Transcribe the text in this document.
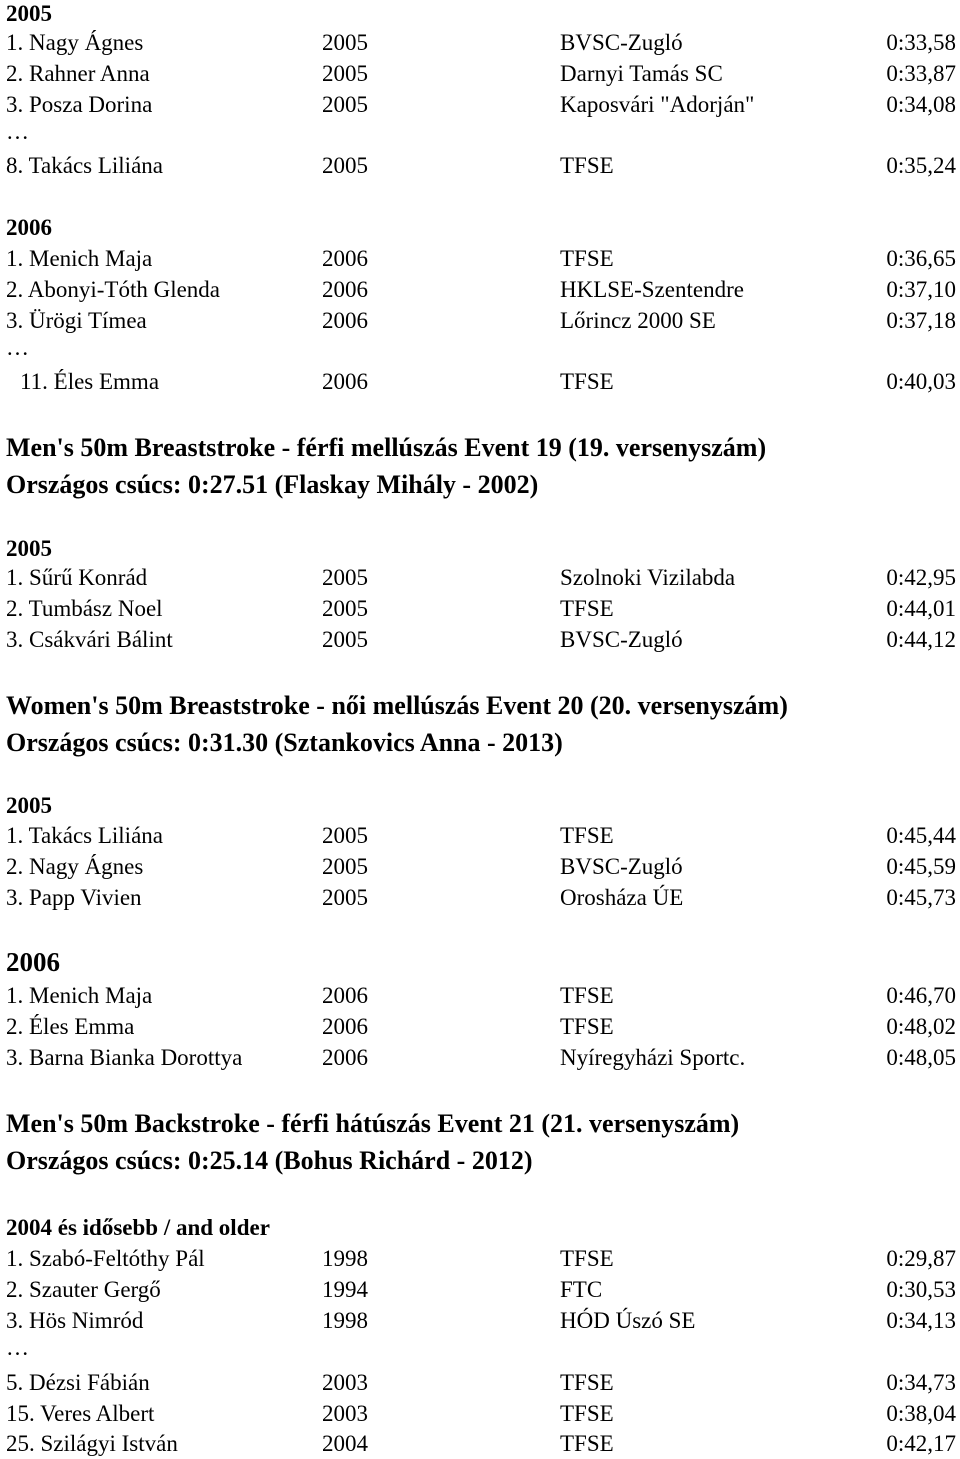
2005
1. Nagy Ágnes	2005	BVSC-Zugló	0:33,58
2. Rahner Anna	2005	Darnyi Tamás SC	0:33,87
3. Posza Dorina	2005	Kaposvári "Adorján"	0:34,08
…
8. Takács Liliána	2005	TFSE	0:35,24
2006
1. Menich Maja	2006	TFSE	0:36,65
2. Abonyi-Tóth Glenda	2006	HKLSE-Szentendre	0:37,10
3. Ürögi Tímea	2006	Lőrincz 2000 SE	0:37,18
…
11. Éles Emma	2006	TFSE	0:40,03
Men's 50m Breaststroke - férfi mellúszás Event 19 (19. versenyszám)
Országos csúcs: 0:27.51 (Flaskay Mihály - 2002)
2005
1. Sűrű Konrád	2005	Szolnoki Vizilabda	0:42,95
2. Tumbász Noel	2005	TFSE	0:44,01
3. Csákvári Bálint	2005	BVSC-Zugló	0:44,12
Women's 50m Breaststroke - női mellúszás Event 20 (20. versenyszám)
Országos csúcs: 0:31.30 (Sztankovics Anna - 2013)
2005
1. Takács Liliána	2005	TFSE	0:45,44
2. Nagy Ágnes	2005	BVSC-Zugló	0:45,59
3. Papp Vivien	2005	Orosháza ÚE	0:45,73
2006
1. Menich Maja	2006	TFSE	0:46,70
2. Éles Emma	2006	TFSE	0:48,02
3. Barna Bianka Dorottya	2006	Nyíregyházi Sportc.	0:48,05
Men's 50m Backstroke - férfi hátúszás Event 21 (21. versenyszám)
Országos csúcs: 0:25.14 (Bohus Richárd - 2012)
2004 és idősebb / and older
1. Szabó-Feltóthy Pál	1998	TFSE	0:29,87
2. Szauter Gergő	1994	FTC	0:30,53
3. Hös Nimród	1998	HÓD Úszó SE	0:34,13
…
5. Dézsi Fábián	2003	TFSE	0:34,73
15. Veres Albert	2003	TFSE	0:38,04
25. Szilágyi István	2004	TFSE	0:42,17
